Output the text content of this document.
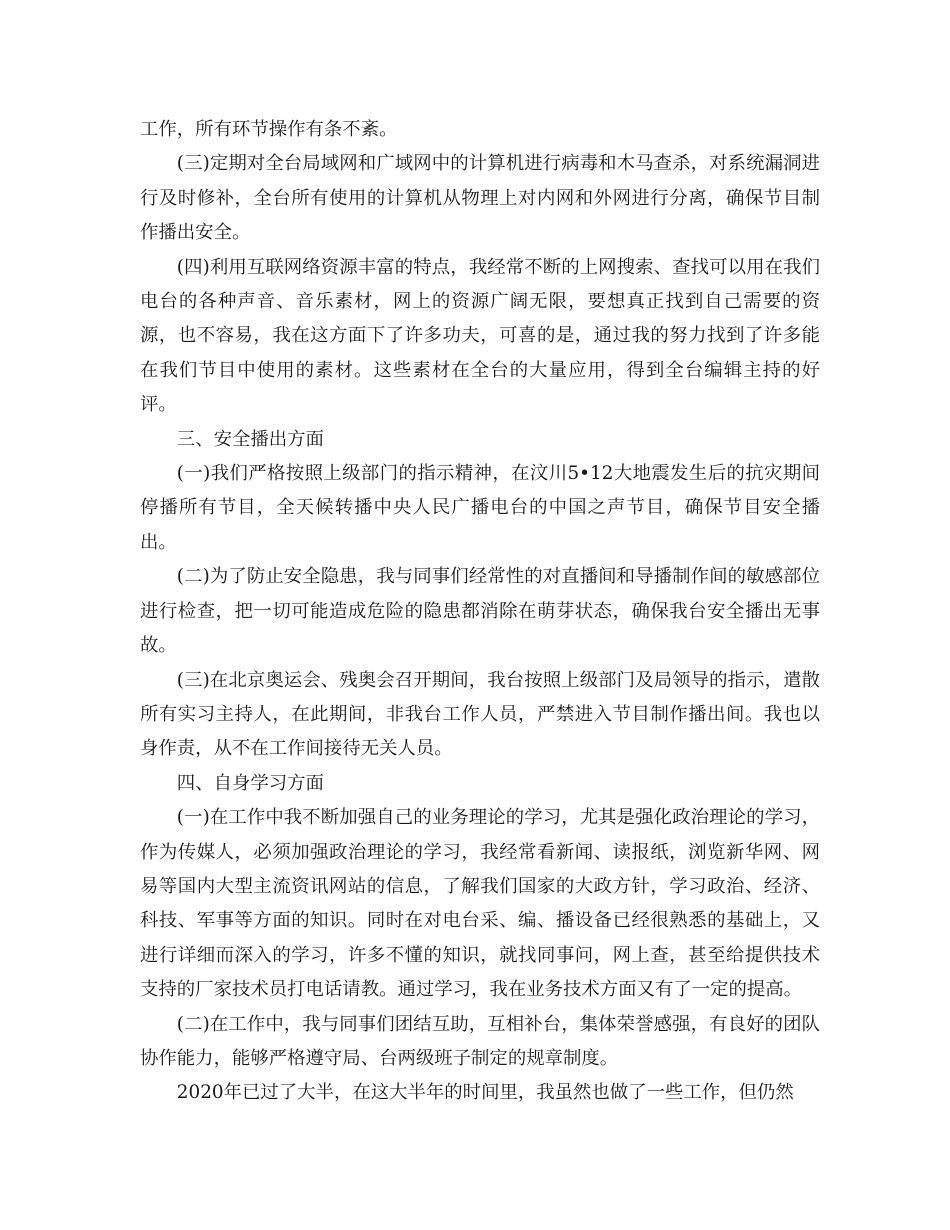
工作，所有环节操作有条不紊。

(三)定期对全台局域网和广域网中的计算机进行病毒和木马查杀，对系统漏洞进行及时修补，全台所有使用的计算机从物理上对内网和外网进行分离，确保节目制作播出安全。

(四)利用互联网络资源丰富的特点，我经常不断的上网搜索、查找可以用在我们电台的各种声音、音乐素材，网上的资源广阔无限，要想真正找到自己需要的资源，也不容易，我在这方面下了许多功夫，可喜的是，通过我的努力找到了许多能在我们节目中使用的素材。这些素材在全台的大量应用，得到全台编辑主持的好评。

三、安全播出方面

(一)我们严格按照上级部门的指示精神，在汶川5•12大地震发生后的抗灾期间停播所有节目，全天候转播中央人民广播电台的中国之声节目，确保节目安全播出。

(二)为了防止安全隐患，我与同事们经常性的对直播间和导播制作间的敏感部位进行检查，把一切可能造成危险的隐患都消除在萌芽状态，确保我台安全播出无事故。

(三)在北京奥运会、残奥会召开期间，我台按照上级部门及局领导的指示，遣散所有实习主持人，在此期间，非我台工作人员，严禁进入节目制作播出间。我也以身作责，从不在工作间接待无关人员。

四、自身学习方面

(一)在工作中我不断加强自己的业务理论的学习，尤其是强化政治理论的学习，作为传媒人，必须加强政治理论的学习，我经常看新闻、读报纸，浏览新华网、网易等国内大型主流资讯网站的信息，了解我们国家的大政方针，学习政治、经济、科技、军事等方面的知识。同时在对电台采、编、播设备已经很熟悉的基础上，又进行详细而深入的学习，许多不懂的知识，就找同事问，网上查，甚至给提供技术支持的厂家技术员打电话请教。通过学习，我在业务技术方面又有了一定的提高。

(二)在工作中，我与同事们团结互助，互相补台，集体荣誉感强，有良好的团队协作能力，能够严格遵守局、台两级班子制定的规章制度。

2020年已过了大半，在这大半年的时间里，我虽然也做了一些工作，但仍然
